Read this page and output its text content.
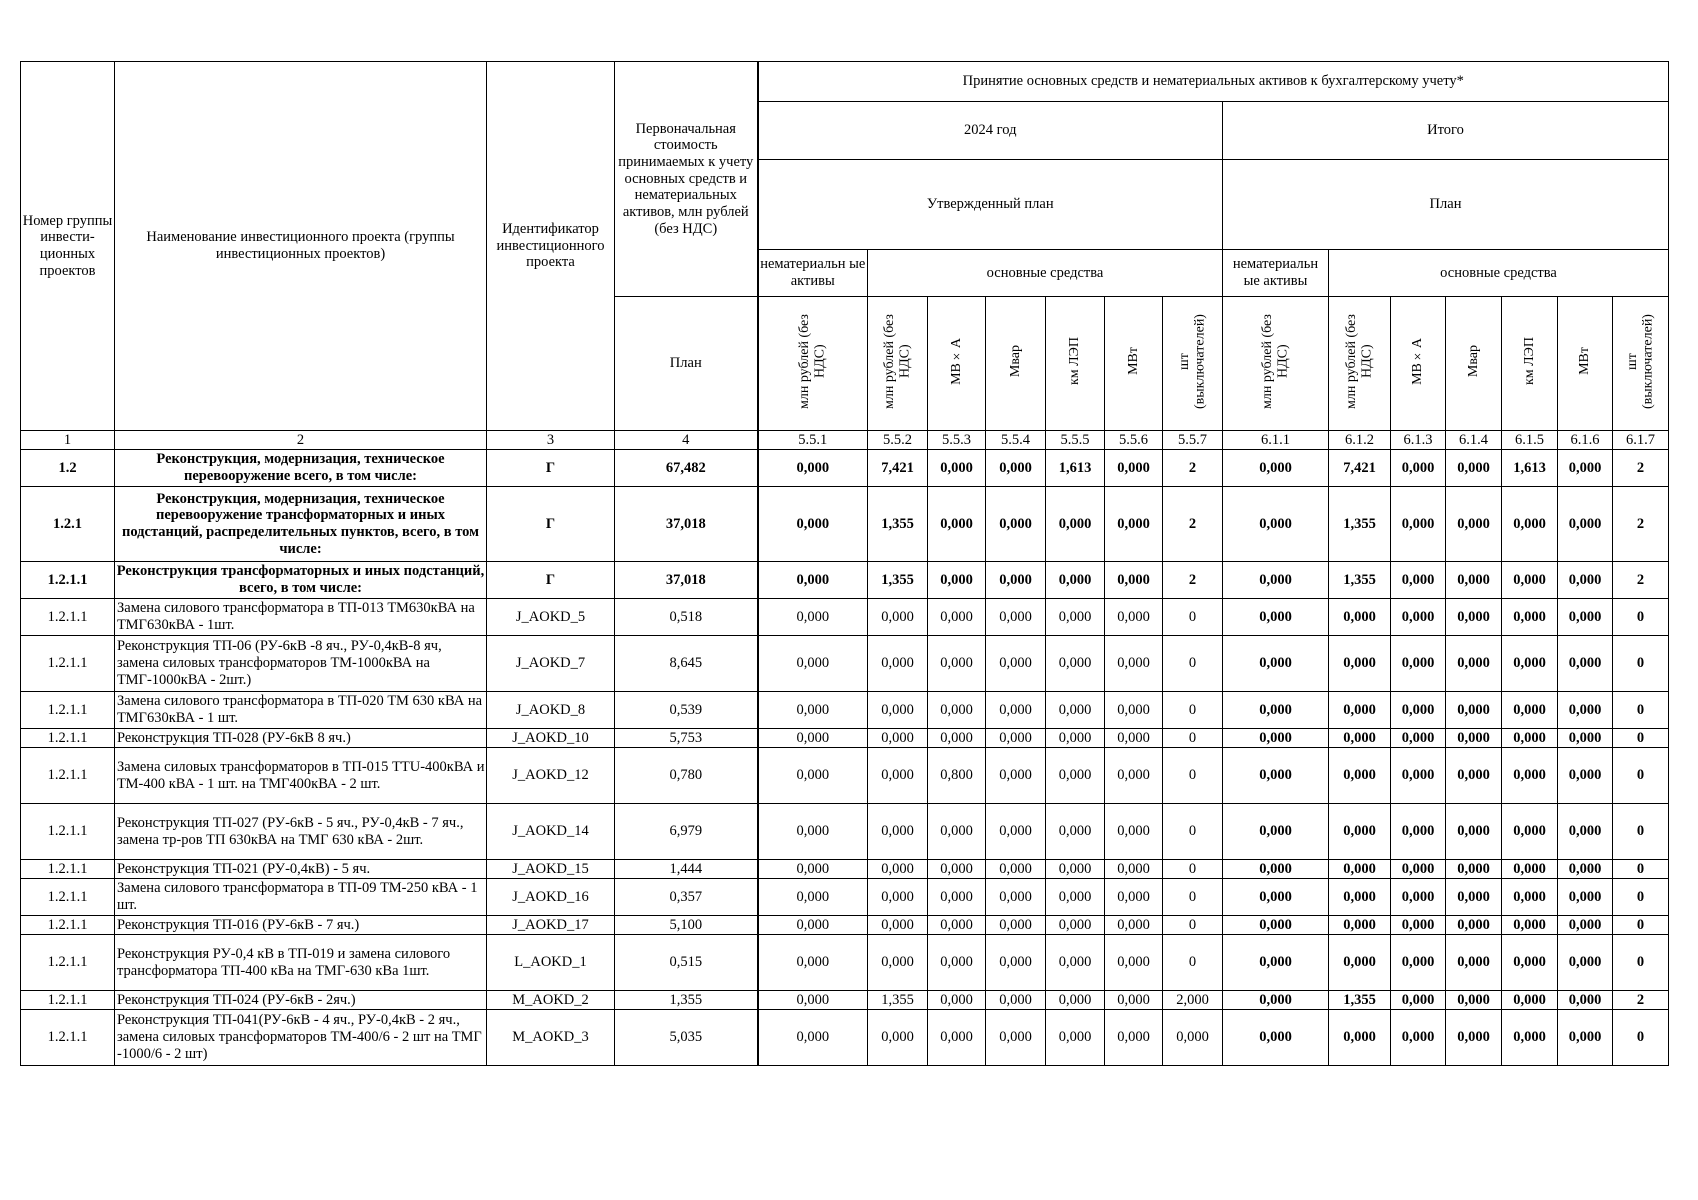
Номер группы инвести-ционных проектов	Наименование инвестиционного проекта (группы инвестиционных проектов)	Идентификатор инвестиционного проекта	Первоначальная стоимость принимаемых к учету основных средств и нематериальных активов, млн рублей (без НДС)	Принятие основных средств и нематериальных активов к бухгалтерскому учету*													
				2024 год							Итого						
				Утвержденный план							План						
				нематериальн ые активы	основные средства						нематериальн ые активы	основные средства					
			План	млн рублей (без НДС)	млн рублей (без НДС)	МВ×А	Мвар	км ЛЭП	МВт	шт (выключателей)	млн рублей (без НДС)	млн рублей (без НДС)	МВ×А	Мвар	км ЛЭП	МВт	шт (выключателей)
1	2	3	4	5.5.1	5.5.2	5.5.3	5.5.4	5.5.5	5.5.6	5.5.7	6.1.1	6.1.2	6.1.3	6.1.4	6.1.5	6.1.6	6.1.7
1.2	Реконструкция, модернизация, техническое перевооружение всего, в том числе:	Г	67,482	0,000	7,421	0,000	0,000	1,613	0,000	2	0,000	7,421	0,000	0,000	1,613	0,000	2
1.2.1	Реконструкция, модернизация, техническое перевооружение трансформаторных и иных подстанций, распределительных пунктов, всего, в том числе:	Г	37,018	0,000	1,355	0,000	0,000	0,000	0,000	2	0,000	1,355	0,000	0,000	0,000	0,000	2
1.2.1.1	Реконструкция трансформаторных и иных подстанций, всего, в том числе:	Г	37,018	0,000	1,355	0,000	0,000	0,000	0,000	2	0,000	1,355	0,000	0,000	0,000	0,000	2
1.2.1.1	Замена силового трансформатора в ТП-013 ТМ630кВА на ТМГ630кВА - 1шт.	J_AOKD_5	0,518	0,000	0,000	0,000	0,000	0,000	0,000	0	0,000	0,000	0,000	0,000	0,000	0,000	0
1.2.1.1	Реконструкция ТП-06 (РУ-6кВ -8 яч., РУ-0,4кВ-8 яч, замена силовых трансформаторов ТМ-1000кВА на ТМГ-1000кВА - 2шт.)	J_AOKD_7	8,645	0,000	0,000	0,000	0,000	0,000	0,000	0	0,000	0,000	0,000	0,000	0,000	0,000	0
1.2.1.1	Замена силового трансформатора в ТП-020 ТМ 630 кВА на ТМГ630кВА - 1 шт.	J_AOKD_8	0,539	0,000	0,000	0,000	0,000	0,000	0,000	0	0,000	0,000	0,000	0,000	0,000	0,000	0
1.2.1.1	Реконструкция ТП-028 (РУ-6кВ 8 яч.)	J_AOKD_10	5,753	0,000	0,000	0,000	0,000	0,000	0,000	0	0,000	0,000	0,000	0,000	0,000	0,000	0
1.2.1.1	Замена силовых трансформаторов в ТП-015 TTU-400кВА и ТМ-400 кВА - 1 шт. на ТМГ400кВА - 2 шт.	J_AOKD_12	0,780	0,000	0,000	0,800	0,000	0,000	0,000	0	0,000	0,000	0,000	0,000	0,000	0,000	0
1.2.1.1	Реконструкция ТП-027 (РУ-6кВ - 5 яч., РУ-0,4кВ - 7 яч., замена тр-ров ТП 630кВА на ТМГ 630 кВА - 2шт.	J_AOKD_14	6,979	0,000	0,000	0,000	0,000	0,000	0,000	0	0,000	0,000	0,000	0,000	0,000	0,000	0
1.2.1.1	Реконструкция ТП-021 (РУ-0,4кВ) - 5 яч.	J_AOKD_15	1,444	0,000	0,000	0,000	0,000	0,000	0,000	0	0,000	0,000	0,000	0,000	0,000	0,000	0
1.2.1.1	Замена силового трансформатора в ТП-09 ТМ-250 кВА - 1 шт.	J_AOKD_16	0,357	0,000	0,000	0,000	0,000	0,000	0,000	0	0,000	0,000	0,000	0,000	0,000	0,000	0
1.2.1.1	Реконструкция ТП-016 (РУ-6кВ - 7 яч.)	J_AOKD_17	5,100	0,000	0,000	0,000	0,000	0,000	0,000	0	0,000	0,000	0,000	0,000	0,000	0,000	0
1.2.1.1	Реконструкция РУ-0,4 кВ в ТП-019 и замена силового трансформатора ТП-400 кВа на ТМГ-630 кВа 1шт.	L_AOKD_1	0,515	0,000	0,000	0,000	0,000	0,000	0,000	0	0,000	0,000	0,000	0,000	0,000	0,000	0
1.2.1.1	Реконструкция ТП-024 (РУ-6кВ - 2яч.)	M_AOKD_2	1,355	0,000	1,355	0,000	0,000	0,000	0,000	2,000	0,000	1,355	0,000	0,000	0,000	0,000	2
1.2.1.1	Реконструкция ТП-041(РУ-6кВ - 4 яч., РУ-0,4кВ - 2 яч., замена силовых трансформаторов ТМ-400/6 - 2 шт на ТМГ -1000/6 - 2 шт)	M_AOKD_3	5,035	0,000	0,000	0,000	0,000	0,000	0,000	0,000	0,000	0,000	0,000	0,000	0,000	0,000	0
